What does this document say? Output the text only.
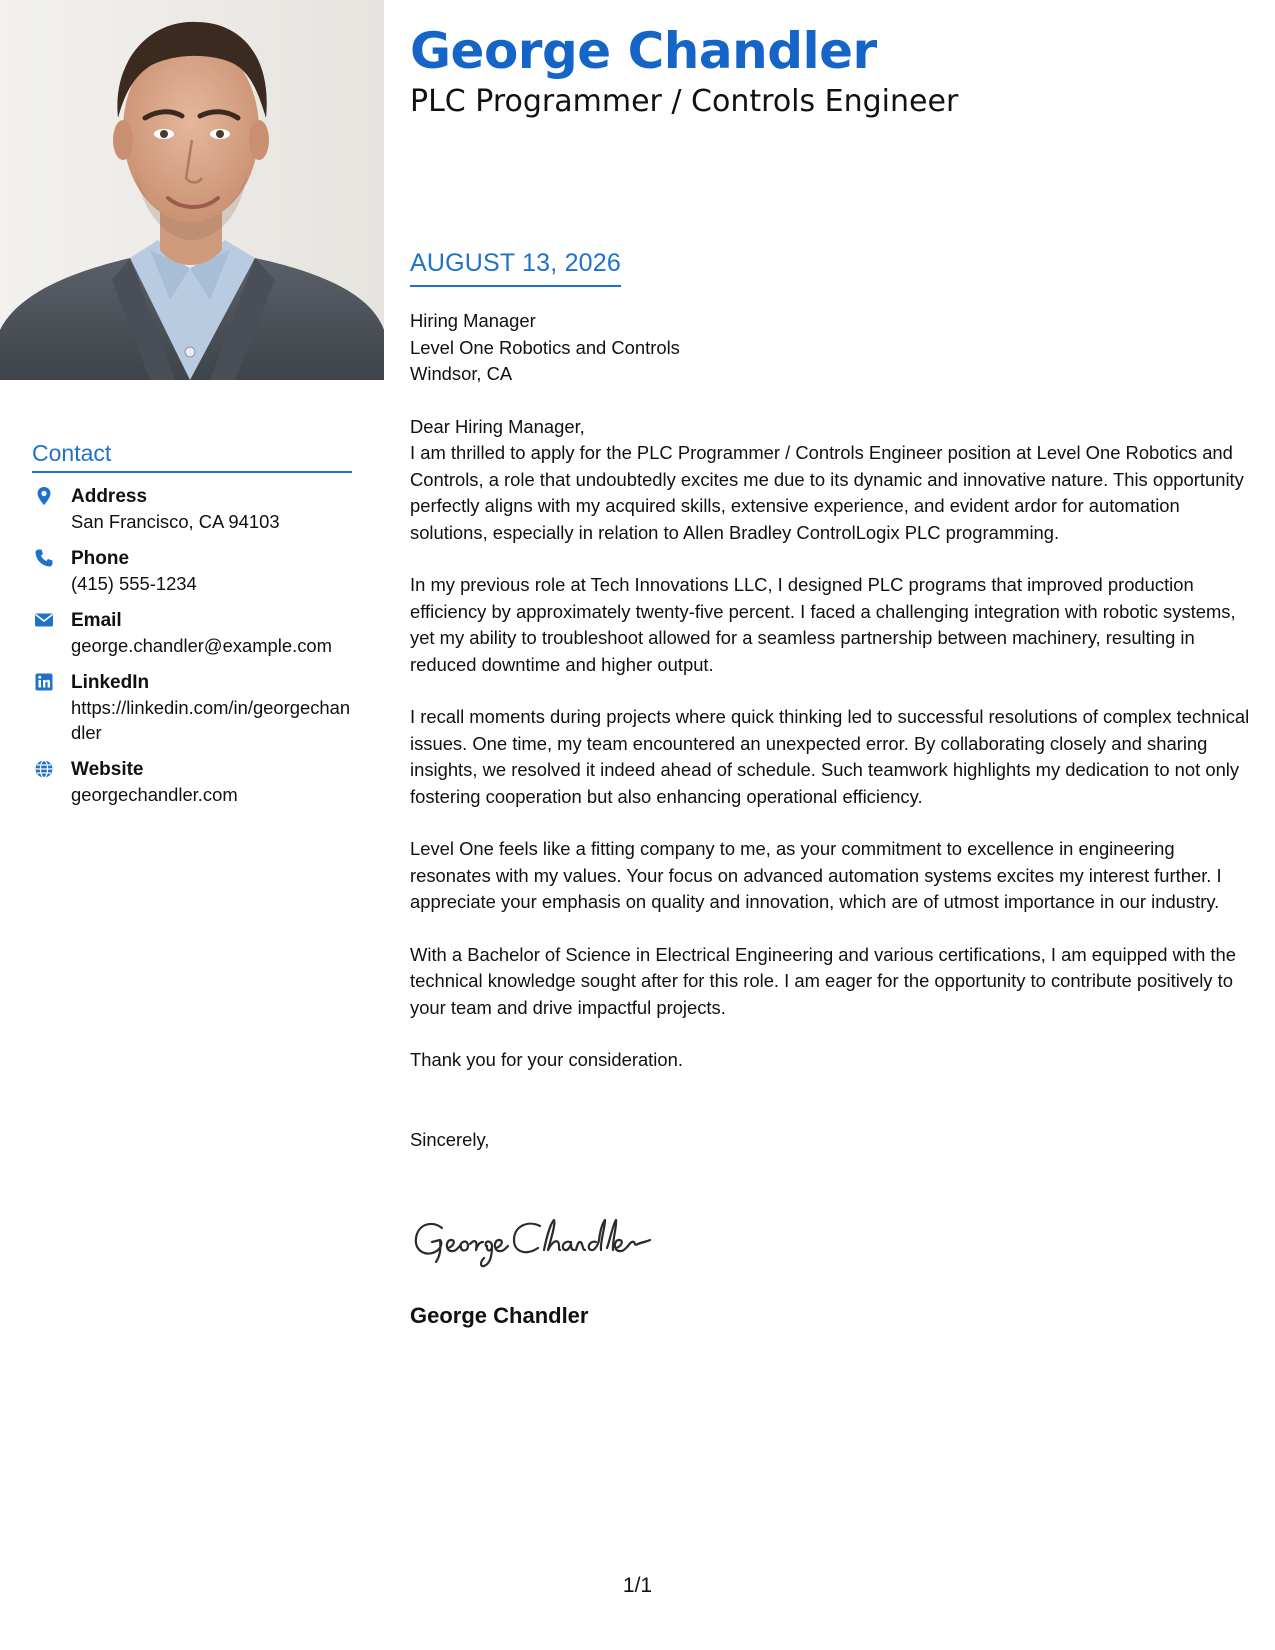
George Chandler
PLC Programmer / Controls Engineer
AUGUST 13, 2026
Hiring Manager
Level One Robotics and Controls
Windsor, CA

Dear Hiring Manager,

I am thrilled to apply for the PLC Programmer / Controls Engineer position at Level One Robotics and Controls, a role that undoubtedly excites me due to its dynamic and innovative nature. This opportunity perfectly aligns with my acquired skills, extensive experience, and evident ardor for automation solutions, especially in relation to Allen Bradley ControlLogix PLC programming.

In my previous role at Tech Innovations LLC, I designed PLC programs that improved production efficiency by approximately twenty-five percent. I faced a challenging integration with robotic systems, yet my ability to troubleshoot allowed for a seamless partnership between machinery, resulting in reduced downtime and higher output.

I recall moments during projects where quick thinking led to successful resolutions of complex technical issues. One time, my team encountered an unexpected error. By collaborating closely and sharing insights, we resolved it indeed ahead of schedule. Such teamwork highlights my dedication to not only fostering cooperation but also enhancing operational efficiency.

Level One feels like a fitting company to me, as your commitment to excellence in engineering resonates with my values. Your focus on advanced automation systems excites my interest further. I appreciate your emphasis on quality and innovation, which are of utmost importance in our industry.

With a Bachelor of Science in Electrical Engineering and various certifications, I am equipped with the technical knowledge sought after for this role. I am eager for the opportunity to contribute positively to your team and drive impactful projects.

Thank you for your consideration.

Sincerely,

George Chandler
Contact
Address
San Francisco, CA 94103
Phone
(415) 555-1234
Email
george.chandler@example.com
LinkedIn
https://linkedin.com/in/georgechandler
Website
georgechandler.com
1/1
